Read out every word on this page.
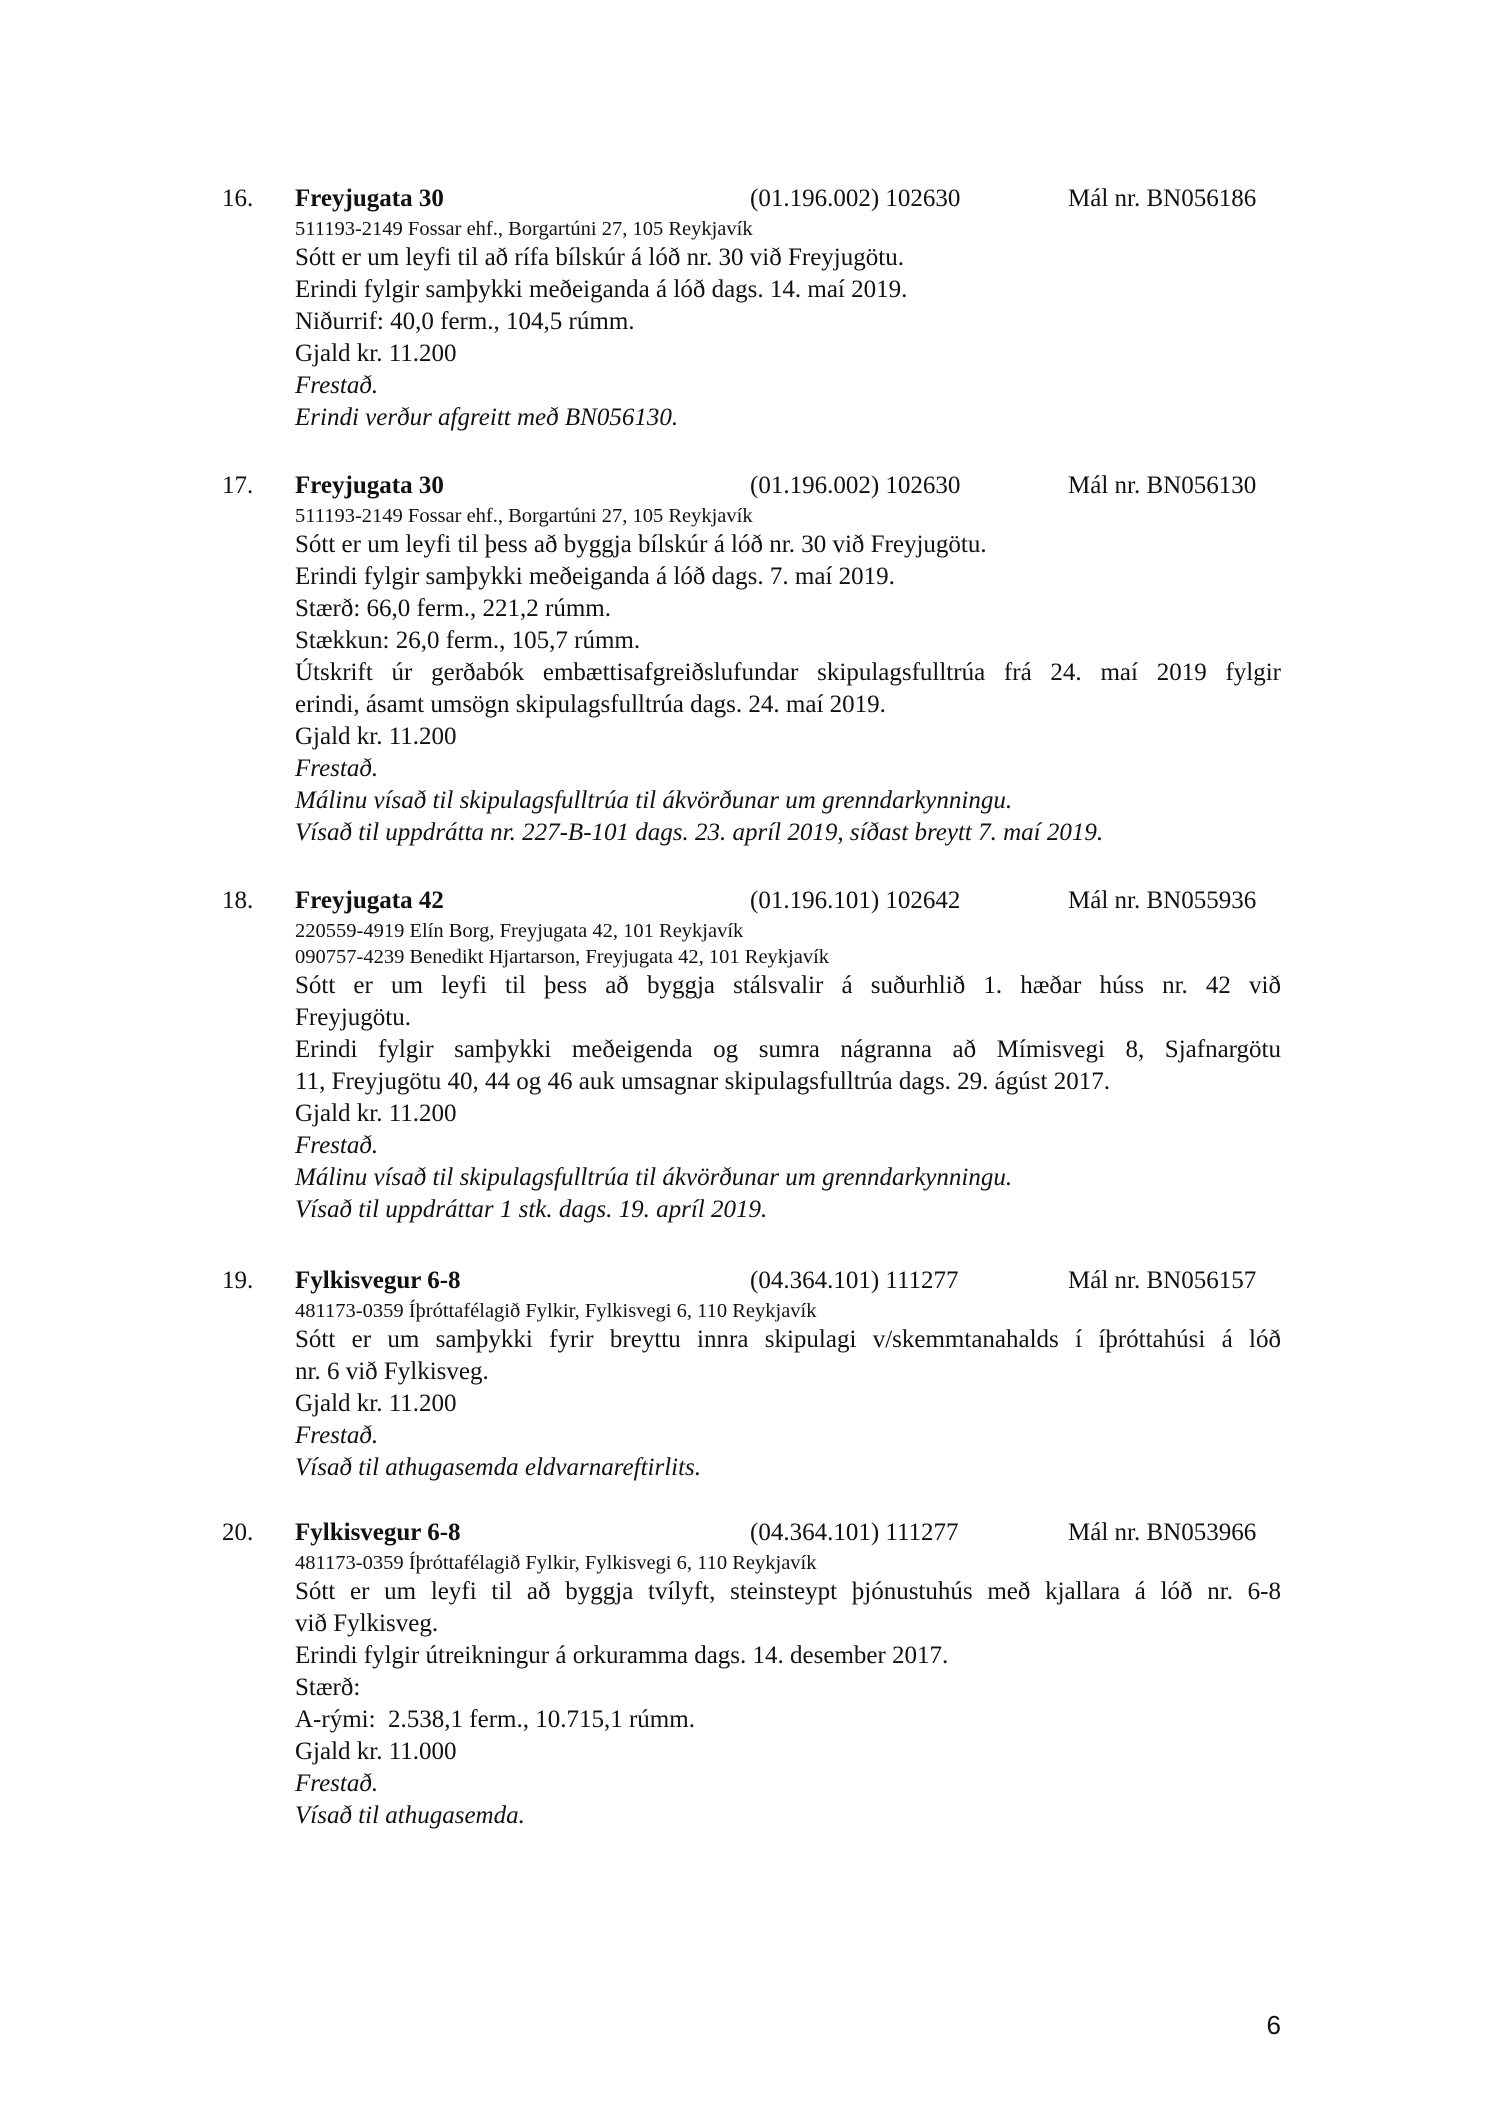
16. Freyjugata 30	(01.196.002) 102630	Mál nr. BN056186
511193-2149 Fossar ehf., Borgartúni 27, 105 Reykjavík
Sótt er um leyfi til að rífa bílskúr á lóð nr. 30 við Freyjugötu.
Erindi fylgir samþykki meðeiganda á lóð dags. 14. maí 2019.
Niðurrif: 40,0 ferm., 104,5 rúmm.
Gjald kr. 11.200
Frestað.
Erindi verður afgreitt með BN056130.
17. Freyjugata 30	(01.196.002) 102630	Mál nr. BN056130
511193-2149 Fossar ehf., Borgartúni 27, 105 Reykjavík
Sótt er um leyfi til þess að byggja bílskúr á lóð nr. 30 við Freyjugötu.
Erindi fylgir samþykki meðeiganda á lóð dags. 7. maí 2019.
Stærð: 66,0 ferm., 221,2 rúmm.
Stækkun: 26,0 ferm., 105,7 rúmm.
Útskrift úr gerðabók embættisafgreiðslufundar skipulagsfulltrúa frá 24. maí 2019 fylgir
erindi, ásamt umsögn skipulagsfulltrúa dags. 24. maí 2019.
Gjald kr. 11.200
Frestað.
Málinu vísað til skipulagsfulltrúa til ákvörðunar um grenndarkynningu.
Vísað til uppdrátta nr. 227-B-101 dags. 23. apríl 2019, síðast breytt 7. maí 2019.
18. Freyjugata 42	(01.196.101) 102642	Mál nr. BN055936
220559-4919 Elín Borg, Freyjugata 42, 101 Reykjavík
090757-4239 Benedikt Hjartarson, Freyjugata 42, 101 Reykjavík
Sótt er um leyfi til þess að byggja stálsvalir á suðurhlið 1. hæðar húss nr. 42 við
Freyjugötu.
Erindi fylgir samþykki meðeigenda og sumra nágranna að Mímisvegi 8, Sjafnargötu
11, Freyjugötu 40, 44 og 46 auk umsagnar skipulagsfulltrúa dags. 29. ágúst 2017.
Gjald kr. 11.200
Frestað.
Málinu vísað til skipulagsfulltrúa til ákvörðunar um grenndarkynningu.
Vísað til uppdráttar 1 stk. dags. 19. apríl 2019.
19. Fylkisvegur 6-8	(04.364.101) 111277	Mál nr. BN056157
481173-0359 Íþróttafélagið Fylkir, Fylkisvegi 6, 110 Reykjavík
Sótt er um samþykki fyrir breyttu innra skipulagi v/skemmtanahalds í íþróttahúsi á lóð
nr. 6 við Fylkisveg.
Gjald kr. 11.200
Frestað.
Vísað til athugasemda eldvarnareftirlits.
20. Fylkisvegur 6-8	(04.364.101) 111277	Mál nr. BN053966
481173-0359 Íþróttafélagið Fylkir, Fylkisvegi 6, 110 Reykjavík
Sótt er um leyfi til að byggja tvílyft, steinsteypt þjónustuhús með kjallara á lóð nr. 6-8
við Fylkisveg.
Erindi fylgir útreikningur á orkuramma dags. 14. desember 2017.
Stærð:
A-rými:  2.538,1 ferm., 10.715,1 rúmm.
Gjald kr. 11.000
Frestað.
Vísað til athugasemda.
6
